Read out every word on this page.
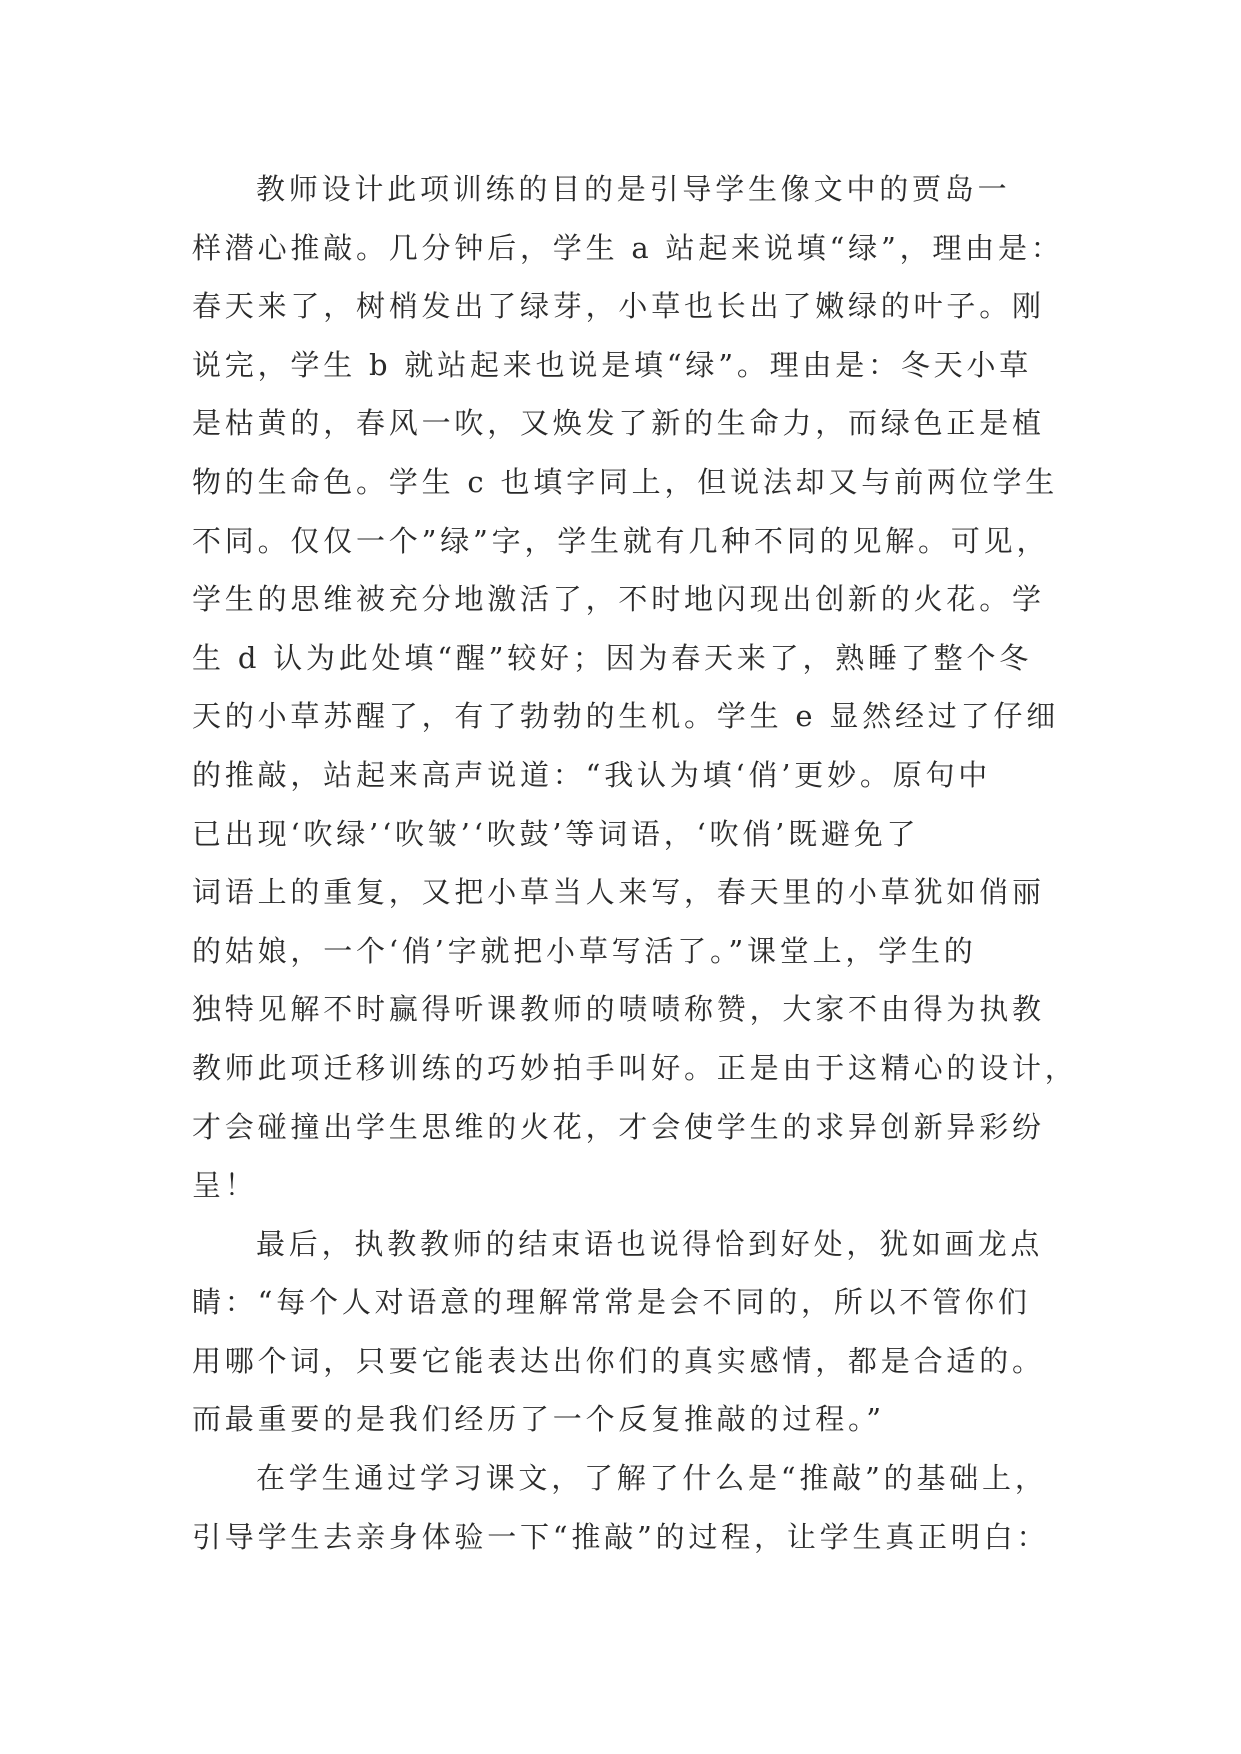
教师设计此项训练的目的是引导学生像文中的贾岛一
样潜心推敲。几分钟后，学生 a 站起来说填“绿”，理由是：
春天来了，树梢发出了绿芽，小草也长出了嫩绿的叶子。刚
说完，学生 b 就站起来也说是填“绿”。理由是：冬天小草
是枯黄的，春风一吹，又焕发了新的生命力，而绿色正是植
物的生命色。学生 c 也填字同上，但说法却又与前两位学生
不同。仅仅一个”绿”字，学生就有几种不同的见解。可见，
学生的思维被充分地激活了，不时地闪现出创新的火花。学
生 d 认为此处填“醒”较好；因为春天来了，熟睡了整个冬
天的小草苏醒了，有了勃勃的生机。学生 e 显然经过了仔细
的推敲，站起来高声说道：“我认为填‘俏’更妙。原句中
已出现‘吹绿’‘吹皱’‘吹鼓’等词语，‘吹俏’既避免了
词语上的重复，又把小草当人来写，春天里的小草犹如俏丽
的姑娘，一个‘俏’字就把小草写活了。”课堂上，学生的
独特见解不时赢得听课教师的啧啧称赞，大家不由得为执教
教师此项迁移训练的巧妙拍手叫好。正是由于这精心的设计，
才会碰撞出学生思维的火花，才会使学生的求异创新异彩纷
呈！

最后，执教教师的结束语也说得恰到好处，犹如画龙点
睛：“每个人对语意的理解常常是会不同的，所以不管你们
用哪个词，只要它能表达出你们的真实感情，都是合适的。
而最重要的是我们经历了一个反复推敲的过程。”

在学生通过学习课文，了解了什么是“推敲”的基础上，
引导学生去亲身体验一下“推敲”的过程，让学生真正明白：
